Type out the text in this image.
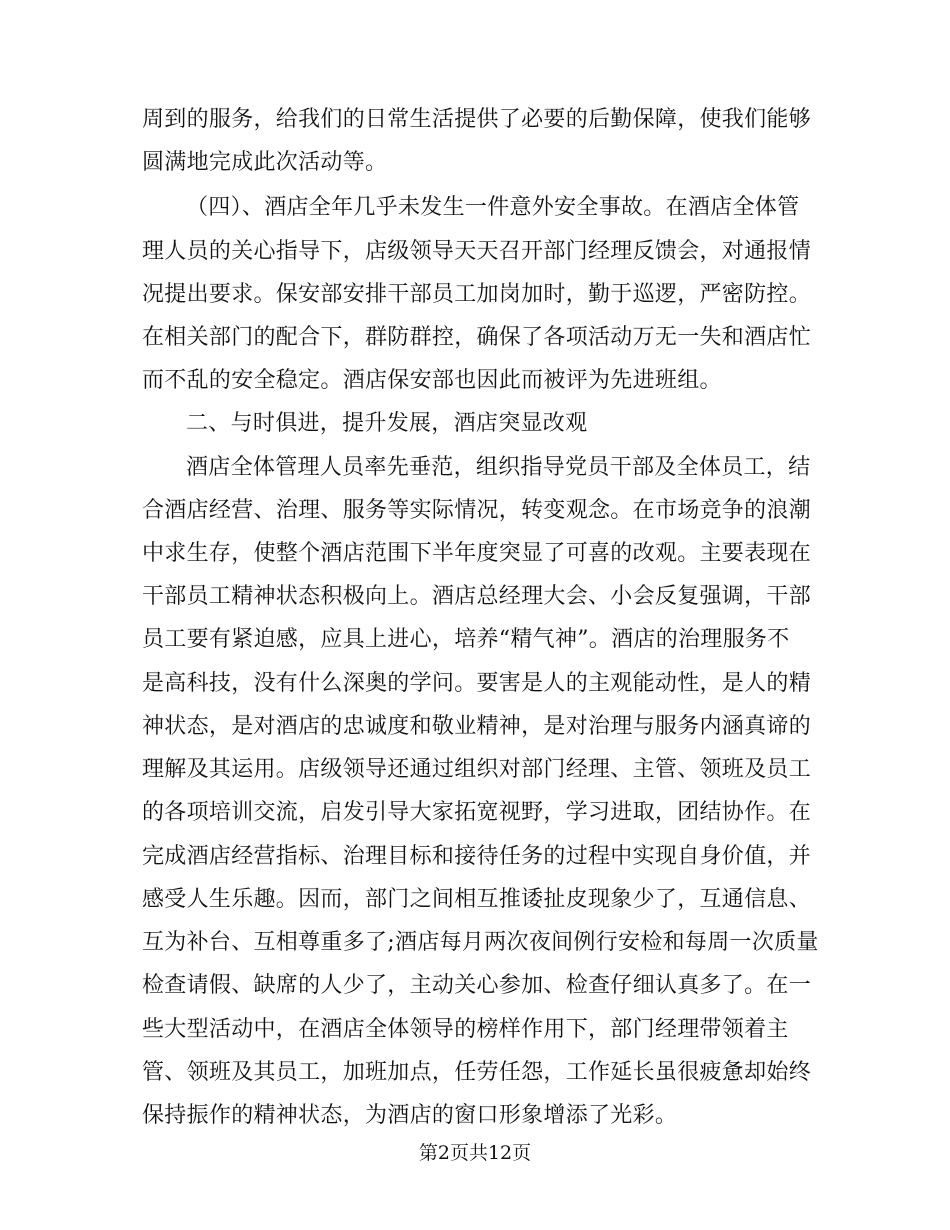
周到的服务，给我们的日常生活提供了必要的后勤保障，使我们能够
圆满地完成此次活动等。
（四）、酒店全年几乎未发生一件意外安全事故。在酒店全体管
理人员的关心指导下，店级领导天天召开部门经理反馈会，对通报情
况提出要求。保安部安排干部员工加岗加时，勤于巡逻，严密防控。
在相关部门的配合下，群防群控，确保了各项活动万无一失和酒店忙
而不乱的安全稳定。酒店保安部也因此而被评为先进班组。
二、与时俱进，提升发展，酒店突显改观
酒店全体管理人员率先垂范，组织指导党员干部及全体员工，结
合酒店经营、治理、服务等实际情况，转变观念。在市场竞争的浪潮
中求生存，使整个酒店范围下半年度突显了可喜的改观。主要表现在
干部员工精神状态积极向上。酒店总经理大会、小会反复强调，干部
员工要有紧迫感，应具上进心，培养“精气神”。酒店的治理服务不
是高科技，没有什么深奥的学问。要害是人的主观能动性，是人的精
神状态，是对酒店的忠诚度和敬业精神，是对治理与服务内涵真谛的
理解及其运用。店级领导还通过组织对部门经理、主管、领班及员工
的各项培训交流，启发引导大家拓宽视野，学习进取，团结协作。在
完成酒店经营指标、治理目标和接待任务的过程中实现自身价值，并
感受人生乐趣。因而，部门之间相互推诿扯皮现象少了，互通信息、
互为补台、互相尊重多了;酒店每月两次夜间例行安检和每周一次质量
检查请假、缺席的人少了，主动关心参加、检查仔细认真多了。在一
些大型活动中，在酒店全体领导的榜样作用下，部门经理带领着主
管、领班及其员工，加班加点，任劳任怨，工作延长虽很疲惫却始终
保持振作的精神状态，为酒店的窗口形象增添了光彩。
第2页共12页
